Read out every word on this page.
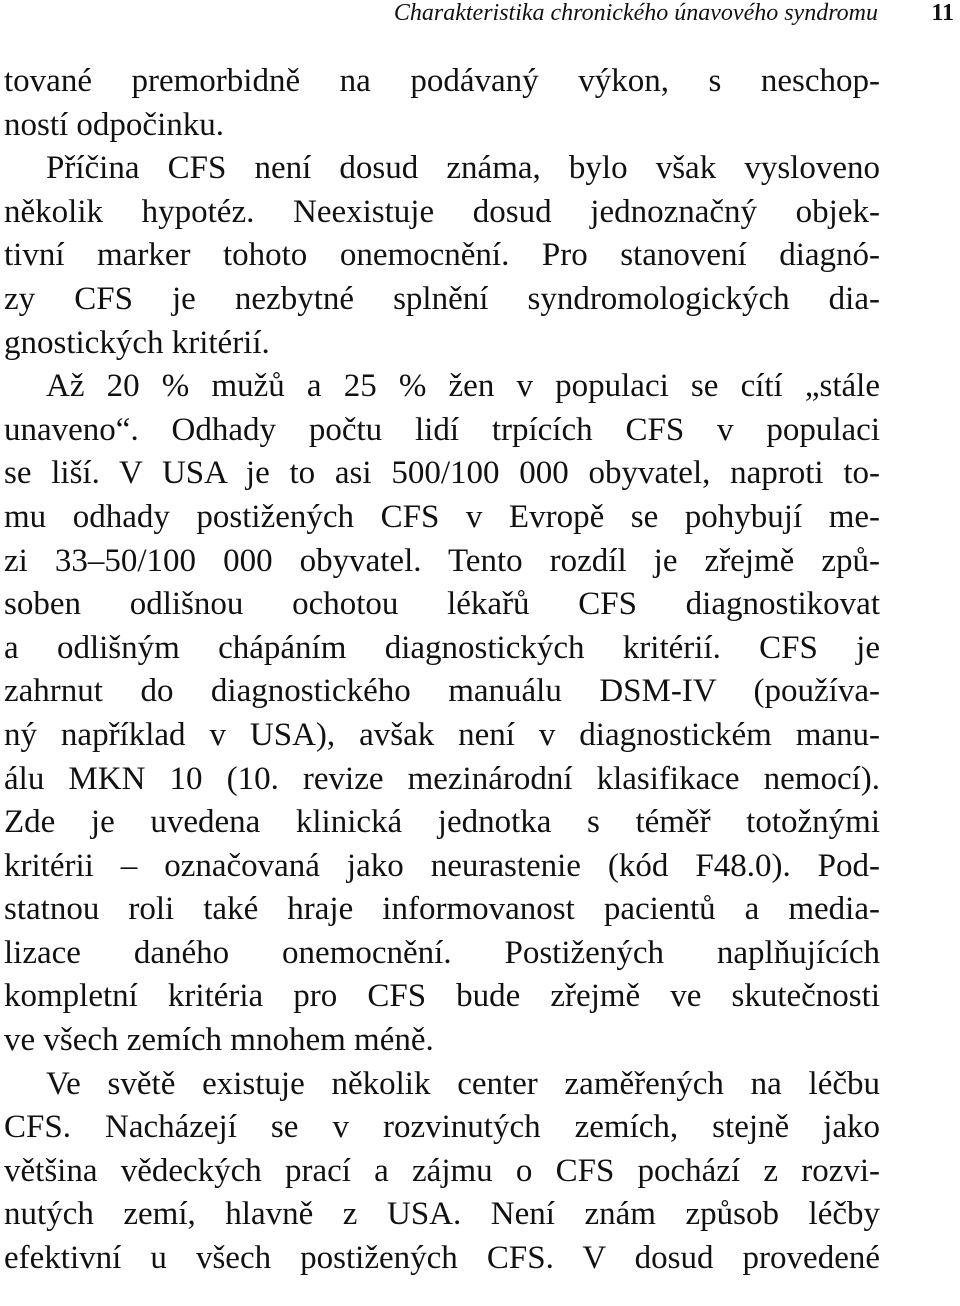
Charakteristika chronického únavového syndromu 11
tované premorbidně na podávaný výkon, s neschop-
ností odpočinku.
Příčina CFS není dosud známa, bylo však vysloveno
několik hypotéz. Neexistuje dosud jednoznačný objek-
tivní marker tohoto onemocnění. Pro stanovení diagnó-
zy CFS je nezbytné splnění syndromologických dia-
gnostických kritérií.
Až 20 % mužů a 25 % žen v populaci se cítí „stále
unaveno“. Odhady počtu lidí trpících CFS v populaci
se liší. V USA je to asi 500/100 000 obyvatel, naproti to-
mu odhady postižených CFS v Evropě se pohybují me-
zi 33–50/100 000 obyvatel. Tento rozdíl je zřejmě způ-
soben odlišnou ochotou lékařů CFS diagnostikovat
a odlišným chápáním diagnostických kritérií. CFS je
zahrnut do diagnostického manuálu DSM-IV (používa-
ný například v USA), avšak není v diagnostickém manu-
álu MKN 10 (10. revize mezinárodní klasifikace nemocí).
Zde je uvedena klinická jednotka s téměř totožnými
kritérii – označovaná jako neurastenie (kód F48.0). Pod-
statnou roli také hraje informovanost pacientů a media-
lizace daného onemocnění. Postižených naplňujících
kompletní kritéria pro CFS bude zřejmě ve skutečnosti
ve všech zemích mnohem méně.
Ve světě existuje několik center zaměřených na léčbu
CFS. Nacházejí se v rozvinutých zemích, stejně jako
většina vědeckých prací a zájmu o CFS pochází z rozvi-
nutých zemí, hlavně z USA. Není znám způsob léčby
efektivní u všech postižených CFS. V dosud provedené
